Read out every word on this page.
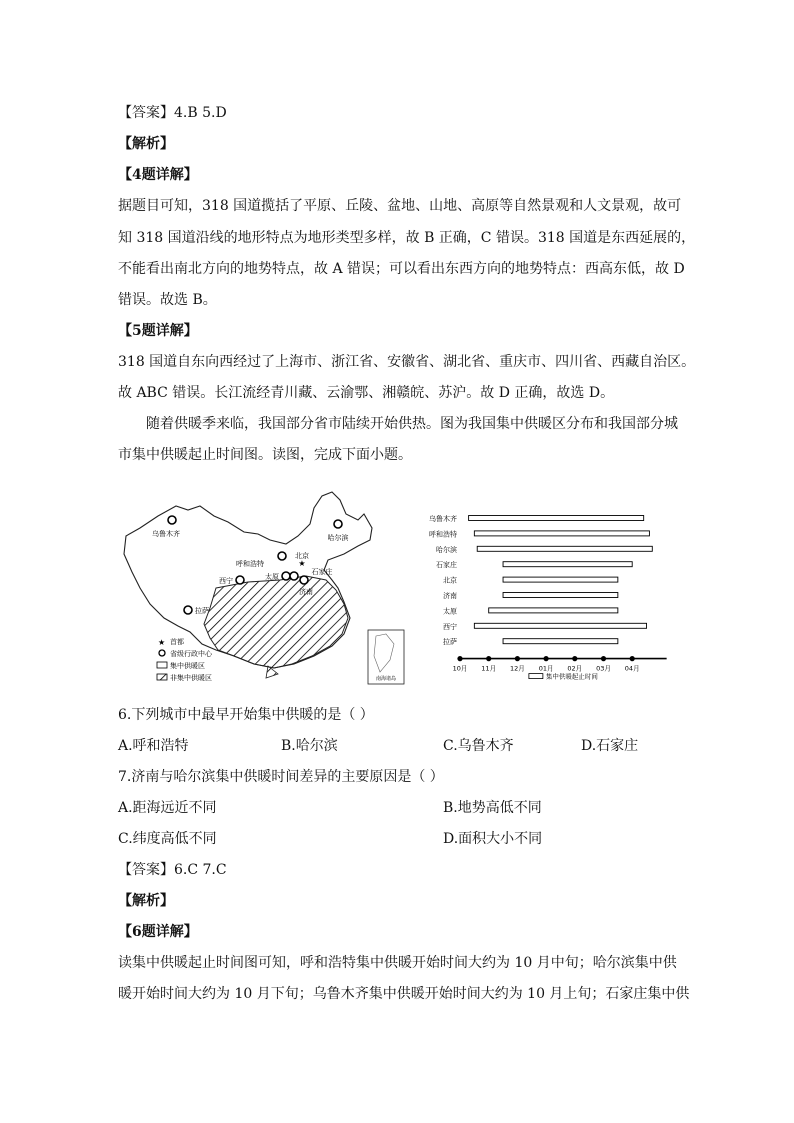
【答案】4.B 5.D
【解析】
【4题详解】
据题目可知，318 国道揽括了平原、丘陵、盆地、山地、高原等自然景观和人文景观，故可
知 318 国道沿线的地形特点为地形类型多样，故 B 正确，C 错误。318 国道是东西延展的，
不能看出南北方向的地势特点，故 A 错误；可以看出东西方向的地势特点：西高东低，故 D
错误。故选 B。
【5题详解】
318 国道自东向西经过了上海市、浙江省、安徽省、湖北省、重庆市、四川省、西藏自治区。
故 ABC 错误。长江流经青川藏、云渝鄂、湘赣皖、苏沪。故 D 正确，故选 D。
随着供暖季来临，我国部分省市陆续开始供热。图为我国集中供暖区分布和我国部分城
市集中供暖起止时间图。读图，完成下面小题。
南海诸岛
乌鲁木齐	哈尔滨
呼和浩特	★
北京
石家庄
太原
济南
西宁
拉萨
★ 首都
省级行政中心
集中供暖区
非集中供暖区
乌鲁木齐
呼和浩特
哈尔滨
石家庄
北京
济南
太原
西宁
拉萨
10月 11月 12月 01月 02月 03月 04月
集中供暖起止时间
6.下列城市中最早开始集中供暖的是（ ）
A.呼和浩特	B.哈尔滨	C.乌鲁木齐	D.石家庄
7.济南与哈尔滨集中供暖时间差异的主要原因是（ ）
A.距海远近不同	B.地势高低不同
C.纬度高低不同	D.面积大小不同
【答案】6.C 7.C
【解析】
【6题详解】
读集中供暖起止时间图可知，呼和浩特集中供暖开始时间大约为 10 月中旬；哈尔滨集中供
暖开始时间大约为 10 月下旬；乌鲁木齐集中供暖开始时间大约为 10 月上旬；石家庄集中供
